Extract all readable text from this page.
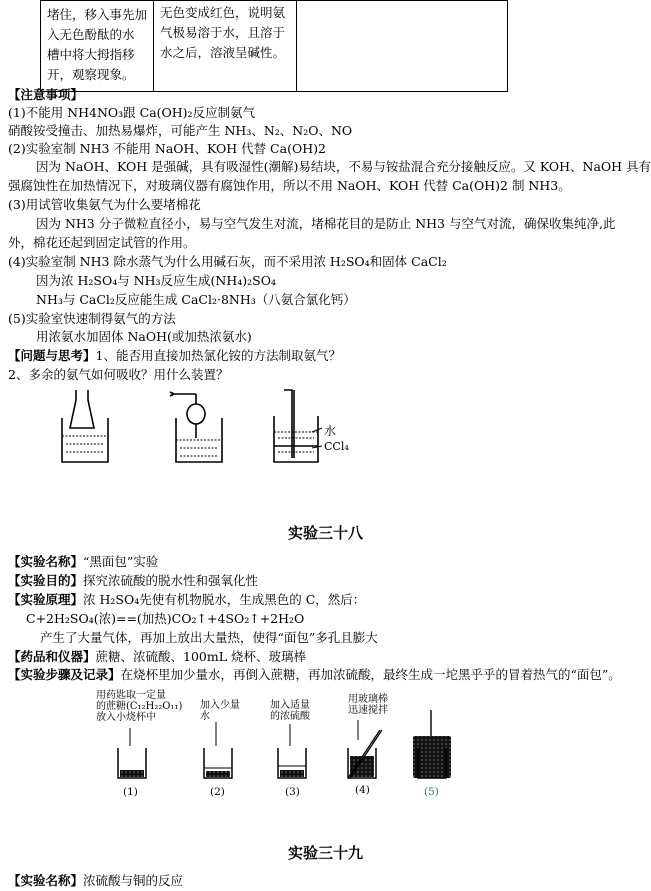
堵住，移入事先加
入无色酚酞的水
槽中将大拇指移
开，观察现象。

无色变成红色，说明氨
气极易溶于水，且溶于
水之后，溶液呈碱性。

【注意事项】
(1)不能用 NH4NO₃跟 Ca(OH)₂反应制氨气
硝酸铵受撞击、加热易爆炸，可能产生 NH₃、N₂、N₂O、NO
(2)实验室制 NH3 不能用 NaOH、KOH 代替 Ca(OH)2
因为 NaOH、KOH 是强碱，具有吸湿性(潮解)易结块，不易与铵盐混合充分接触反应。又 KOH、NaOH 具有
强腐蚀性在加热情况下，对玻璃仪器有腐蚀作用，所以不用 NaOH、KOH 代替 Ca(OH)2 制 NH3。
(3)用试管收集氨气为什么要堵棉花
因为 NH3 分子微粒直径小，易与空气发生对流，堵棉花目的是防止 NH3 与空气对流，确保收集纯净,此
外，棉花还起到固定试管的作用。
(4)实验室制 NH3 除水蒸气为什么用碱石灰，而不采用浓 H₂SO₄和固体 CaCl₂
因为浓 H₂SO₄与 NH₃反应生成(NH₄)₂SO₄
NH₃与 CaCl₂反应能生成 CaCl₂·8NH₃（八氨合氯化钙）
(5)实验室快速制得氨气的方法
用浓氨水加固体 NaOH(或加热浓氨水)
【问题与思考】1、能否用直接加热氯化铵的方法制取氨气？
2、多余的氨气如何吸收？用什么装置？
水
CCl₄
实验三十八
【实验名称】“黑面包”实验
【实验目的】探究浓硫酸的脱水性和强氧化性
【实验原理】浓 H₂SO₄先使有机物脱水，生成黑色的 C，然后：
C+2H₂SO₄(浓)==(加热)CO₂↑+4SO₂↑+2H₂O
产生了大量气体，再加上放出大量热，使得“面包”多孔且膨大
【药品和仪器】蔗糖、浓硫酸、100mL 烧杯、玻璃棒
【实验步骤及记录】在烧杯里加少量水，再倒入蔗糖，再加浓硫酸，最终生成一坨黑乎乎的冒着热气的“面包”。
用药匙取一定量
的蔗糖(C₁₂H₂₂O₁₁)
放入小烧杯中
加入少量
水
加入适量
的浓硫酸
用玻璃棒
迅速搅拌
(1)	(2)	(3)	(4)	(5)
实验三十九
【实验名称】浓硫酸与铜的反应
